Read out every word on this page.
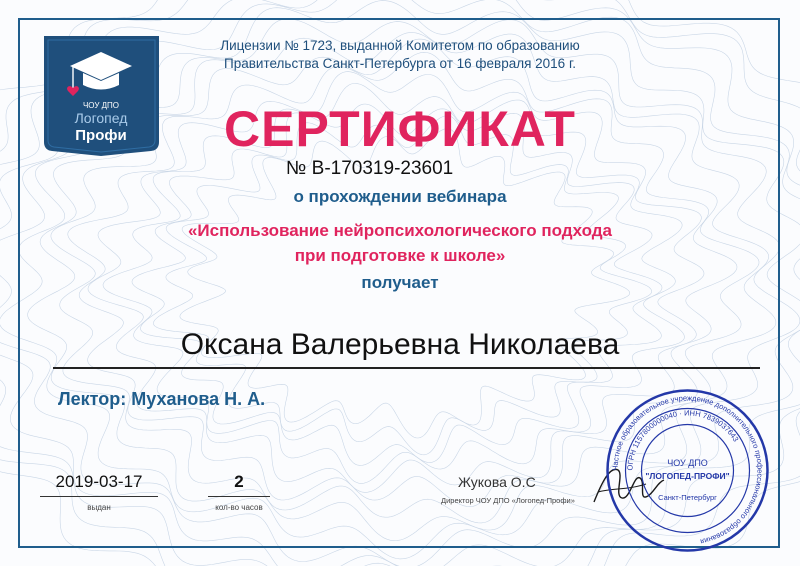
ЧОУ ДПО
Логопед
Профи
Лицензии № 1723, выданной Комитетом по образованию
Правительства Санкт-Петербурга от 16 февраля 2016 г.
СЕРТИФИКАТ
№ В-170319-23601
о прохождении вебинара
«Использование нейропсихологического подхода
при подготовке к школе»
получает
Оксана Валерьевна Николаева
Лектор: Муханова Н. А.
2019-03-17
выдан
2
кол-во часов
Жукова О.С
Директор ЧОУ ДПО «Логопед-Профи»
Частное образовательное учреждение дополнительного профессионального образования
ОГРН 1157800000040 · ИНН 7839037643
ЧОУ ДПО
"ЛОГОПЕД-ПРОФИ"
Санкт-Петербург
